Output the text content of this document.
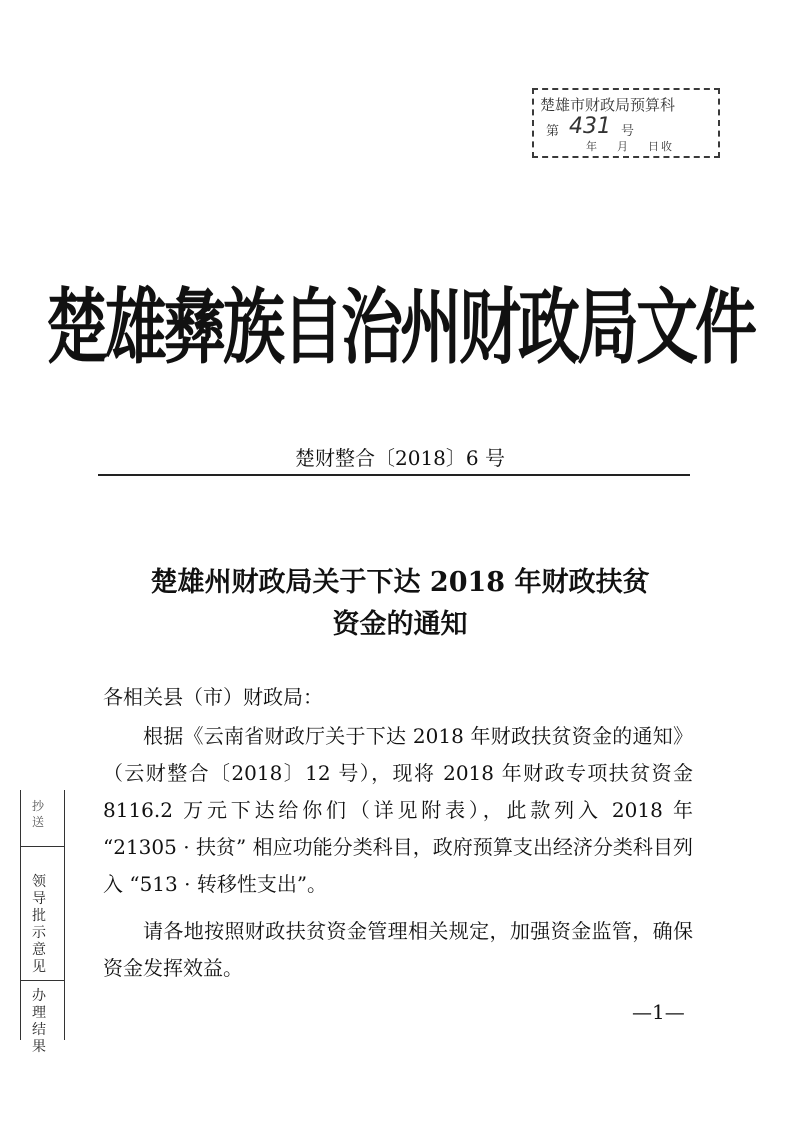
楚雄市财政局预算科
第 431 号
年 月 日收
楚雄彝族自治州财政局文件
楚财整合〔2018〕6 号
楚雄州财政局关于下达 2018 年财政扶贫
资金的通知
各相关县（市）财政局：
根据《云南省财政厅关于下达 2018 年财政扶贫资金的通知》（云财整合〔2018〕12 号），现将 2018 年财政专项扶贫资金 8116.2 万元下达给你们（详见附表），此款列入 2018 年 “21305 · 扶贫” 相应功能分类科目，政府预算支出经济分类科目列入 “513 · 转移性支出”。
请各地按照财政扶贫资金管理相关规定，加强资金监管，确保资金发挥效益。
—1—
抄送
领导批示意见
办理结果
